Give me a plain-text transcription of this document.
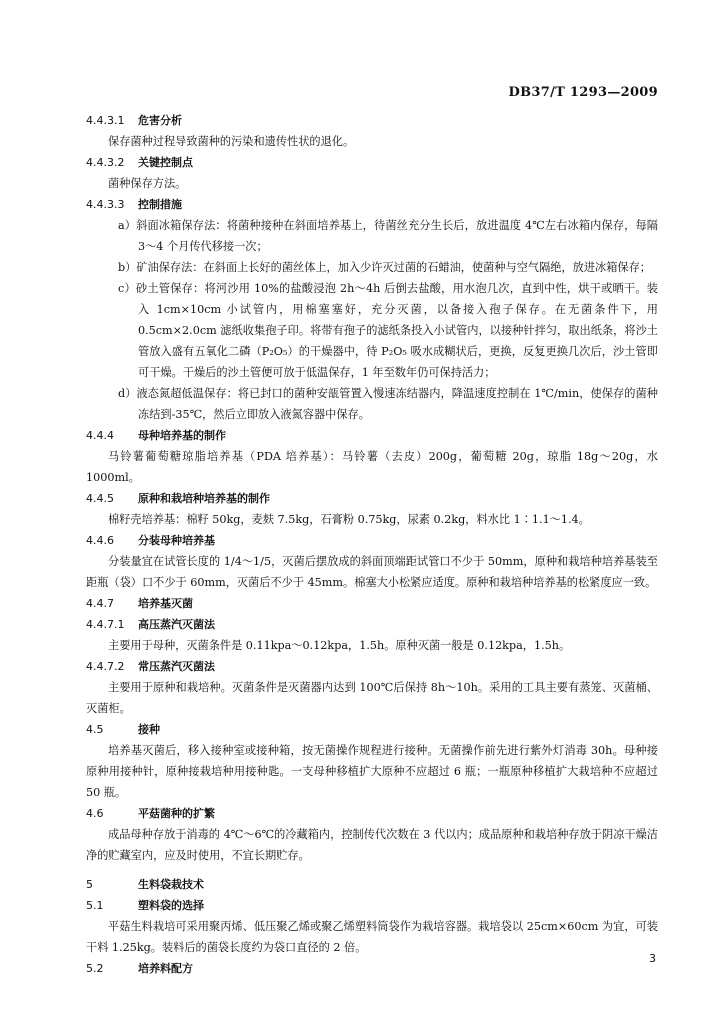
DB37/T 1293—2009
4.4.3.1 危害分析

保存菌种过程导致菌种的污染和遗传性状的退化。

4.4.3.2 关键控制点

菌种保存方法。

4.4.3.3 控制措施

a）斜面冰箱保存法：将菌种接种在斜面培养基上，待菌丝充分生长后，放进温度 4℃左右冰箱内保存，每隔 3～4 个月传代移接一次；

b）矿油保存法：在斜面上长好的菌丝体上，加入少许灭过菌的石蜡油，使菌种与空气隔绝，放进冰箱保存；

c）砂土管保存：将河沙用 10%的盐酸浸泡 2h～4h 后倒去盐酸，用水泡几次，直到中性，烘干或晒干。装入 1cm×10cm 小试管内，用棉塞塞好，充分灭菌，以备接入孢子保存。在无菌条件下，用 0.5cm×2.0cm 滤纸收集孢子印。将带有孢子的滤纸条投入小试管内，以接种针拌匀，取出纸条，将沙土管放入盛有五氧化二磷（P₂O₅）的干燥器中，待 P₂O₅ 吸水成糊状后，更换，反复更换几次后，沙土管即可干燥。干燥后的沙土管便可放于低温保存，1 年至数年仍可保持活力；

d）液态氮超低温保存：将已封口的菌种安瓿管置入慢速冻结器内，降温速度控制在 1℃/min，使保存的菌种冻结到-35℃，然后立即放入液氮容器中保存。

4.4.4 母种培养基的制作

马铃薯葡萄糖琼脂培养基（PDA 培养基）：马铃薯（去皮）200g，葡萄糖 20g，琼脂 18g～20g，水 1000ml。

4.4.5 原种和栽培种培养基的制作

棉籽壳培养基：棉籽 50kg，麦麸 7.5kg，石膏粉 0.75kg，尿素 0.2kg，料水比 1∶1.1～1.4。

4.4.6 分装母种培养基

分装量宜在试管长度的 1/4～1/5，灭菌后摆放成的斜面顶端距试管口不少于 50mm，原种和栽培种培养基装至距瓶（袋）口不少于 60mm，灭菌后不少于 45mm。棉塞大小松紧应适度。原种和栽培种培养基的松紧度应一致。

4.4.7 培养基灭菌
4.4.7.1 高压蒸汽灭菌法

主要用于母种，灭菌条件是 0.11kpa～0.12kpa，1.5h。原种灭菌一般是 0.12kpa，1.5h。

4.4.7.2 常压蒸汽灭菌法

主要用于原种和栽培种。灭菌条件是灭菌器内达到 100℃后保持 8h～10h。采用的工具主要有蒸笼、灭菌桶、灭菌柜。

4.5	接种

培养基灭菌后，移入接种室或接种箱，按无菌操作规程进行接种。无菌操作前先进行紫外灯消毒 30h。母种接原种用接种针，原种接栽培种用接种匙。一支母种移植扩大原种不应超过 6 瓶；一瓶原种移植扩大栽培种不应超过 50 瓶。

4.6	平菇菌种的扩繁

成品母种存放于消毒的 4℃～6℃的冷藏箱内，控制传代次数在 3 代以内；成品原种和栽培种存放于阴凉干燥洁净的贮藏室内，应及时使用，不宜长期贮存。

5	生料袋栽技术
5.1	塑料袋的选择

平菇生料栽培可采用聚丙烯、低压聚乙烯或聚乙烯塑料筒袋作为栽培容器。栽培袋以 25cm×60cm 为宜，可装干料 1.25kg。装料后的菌袋长度约为袋口直径的 2 倍。

5.2	培养料配方
3
